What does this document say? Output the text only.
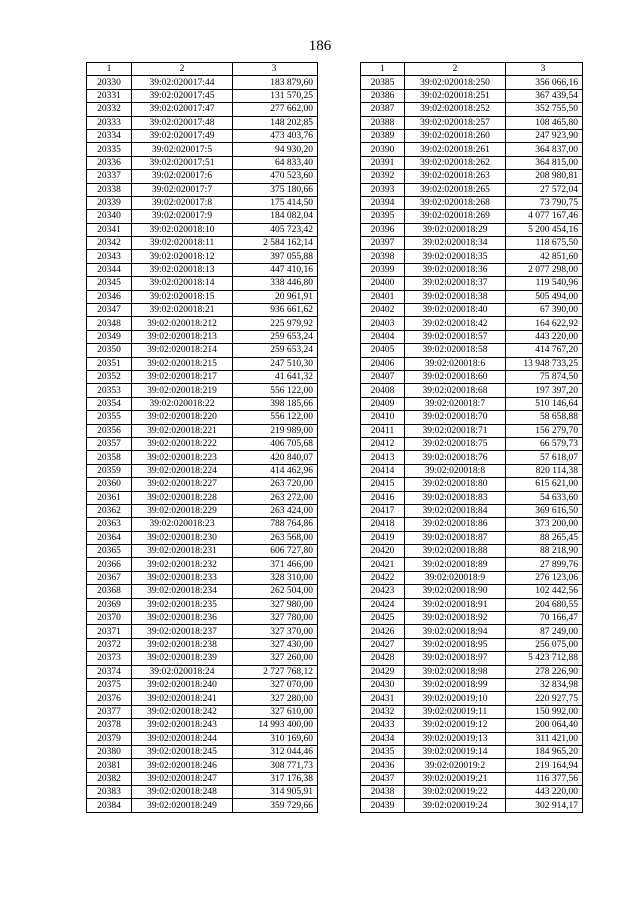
186
1	2	3
20330	39:02:020017:44	183 879,60
20331	39:02:020017:45	131 570,25
20332	39:02:020017:47	277 662,00
20333	39:02:020017:48	148 202,85
20334	39:02:020017:49	473 403,76
20335	39:02:020017:5	94 930,20
20336	39:02:020017:51	64 833,40
20337	39:02:020017:6	470 523,60
20338	39:02:020017:7	375 180,66
20339	39:02:020017:8	175 414,50
20340	39:02:020017:9	184 082,04
20341	39:02:020018:10	405 723,42
20342	39:02:020018:11	2 584 162,14
20343	39:02:020018:12	397 055,88
20344	39:02:020018:13	447 410,16
20345	39:02:020018:14	338 446,80
20346	39:02:020018:15	20 961,91
20347	39:02:020018:21	936 661,62
20348	39:02:020018:212	225 979,92
20349	39:02:020018:213	259 653,24
20350	39:02:020018:214	259 653,24
20351	39:02:020018:215	247 510,30
20352	39:02:020018:217	41 641,32
20353	39:02:020018:219	556 122,00
20354	39:02:020018:22	398 185,66
20355	39:02:020018:220	556 122,00
20356	39:02:020018:221	219 989,00
20357	39:02:020018:222	406 705,68
20358	39:02:020018:223	420 840,07
20359	39:02:020018:224	414 462,96
20360	39:02:020018:227	263 720,00
20361	39:02:020018:228	263 272,00
20362	39:02:020018:229	263 424,00
20363	39:02:020018:23	788 764,86
20364	39:02:020018:230	263 568,00
20365	39:02:020018:231	606 727,80
20366	39:02:020018:232	371 466,00
20367	39:02:020018:233	328 310,00
20368	39:02:020018:234	262 504,00
20369	39:02:020018:235	327 980,00
20370	39:02:020018:236	327 780,00
20371	39:02:020018:237	327 370,00
20372	39:02:020018:238	327 430,00
20373	39:02:020018:239	327 260,00
20374	39:02:020018:24	2 727 768,12
20375	39:02:020018:240	327 070,00
20376	39:02:020018:241	327 280,00
20377	39:02:020018:242	327 610,00
20378	39:02:020018:243	14 993 400,00
20379	39:02:020018:244	310 169,60
20380	39:02:020018:245	312 044,46
20381	39:02:020018:246	308 771,73
20382	39:02:020018:247	317 176,38
20383	39:02:020018:248	314 905,91
20384	39:02:020018:249	359 729,66
1	2	3
20385	39:02:020018:250	356 066,16
20386	39:02:020018:251	367 439,54
20387	39:02:020018:252	352 755,50
20388	39:02:020018:257	108 465,80
20389	39:02:020018:260	247 923,90
20390	39:02:020018:261	364 837,00
20391	39:02:020018:262	364 815,00
20392	39:02:020018:263	208 980,81
20393	39:02:020018:265	27 572,04
20394	39:02:020018:268	73 790,75
20395	39:02:020018:269	4 077 167,46
20396	39:02:020018:29	5 200 454,16
20397	39:02:020018:34	118 675,50
20398	39:02:020018:35	42 851,60
20399	39:02:020018:36	2 077 298,00
20400	39:02:020018:37	119 540,96
20401	39:02:020018:38	505 494,00
20402	39:02:020018:40	67 390,00
20403	39:02:020018:42	164 622,92
20404	39:02:020018:57	443 220,00
20405	39:02:020018:58	414 767,20
20406	39:02:020018:6	13 948 733,25
20407	39:02:020018:60	75 874,50
20408	39:02:020018:68	197 397,20
20409	39:02:020018:7	510 146,64
20410	39:02:020018:70	58 658,88
20411	39:02:020018:71	156 279,70
20412	39:02:020018:75	66 579,73
20413	39:02:020018:76	57 618,07
20414	39:02:020018:8	820 114,38
20415	39:02:020018:80	615 621,00
20416	39:02:020018:83	54 633,60
20417	39:02:020018:84	369 616,50
20418	39:02:020018:86	373 200,00
20419	39:02:020018:87	88 265,45
20420	39:02:020018:88	88 218,90
20421	39:02:020018:89	27 899,76
20422	39:02:020018:9	276 123,06
20423	39:02:020018:90	102 442,56
20424	39:02:020018:91	204 680,55
20425	39:02:020018:92	70 166,47
20426	39:02:020018:94	87 249,00
20427	39:02:020018:95	256 075,00
20428	39:02:020018:97	5 423 712,88
20429	39:02:020018:98	278 226,90
20430	39:02:020018:99	32 834,98
20431	39:02:020019:10	220 927,75
20432	39:02:020019:11	150 992,00
20433	39:02:020019:12	200 064,40
20434	39:02:020019:13	311 421,00
20435	39:02:020019:14	184 965,20
20436	39:02:020019:2	219 164,94
20437	39:02:020019:21	116 377,56
20438	39:02:020019:22	443 220,00
20439	39:02:020019:24	302 914,17
